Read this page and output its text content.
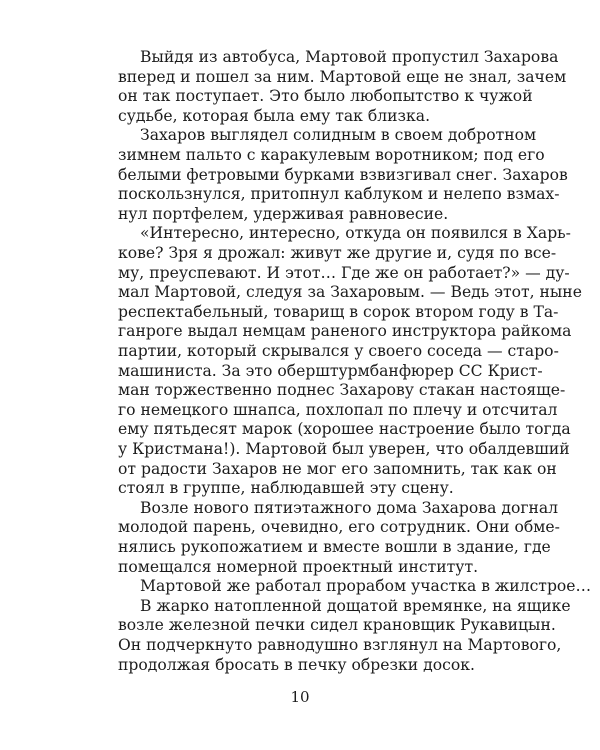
Выйдя из автобуса, Мартовой пропустил Захарова
вперед и пошел за ним. Мартовой еще не знал, зачем
он так поступает. Это было любопытство к чужой
судьбе, которая была ему так близка.
Захаров выглядел солидным в своем добротном
зимнем пальто с каракулевым воротником; под его
белыми фетровыми бурками взвизгивал снег. Захаров
поскользнулся, притопнул каблуком и нелепо взмах-
нул портфелем, удерживая равновесие.
«Интересно, интересно, откуда он появился в Харь-
кове? Зря я дрожал: живут же другие и, судя по все-
му, преуспевают. И этот… Где же он работает?» — ду-
мал Мартовой, следуя за Захаровым. — Ведь этот, ныне
респектабельный, товарищ в сорок втором году в Та-
ганроге выдал немцам раненого инструктора райкома
партии, который скрывался у своего соседа — старо-
машиниста. За это оберштурмбанфюрер СС Крист-
ман торжественно поднес Захарову стакан настояще-
го немецкого шнапса, похлопал по плечу и отсчитал
ему пятьдесят марок (хорошее настроение было тогда
у Кристмана!). Мартовой был уверен, что обалдевший
от радости Захаров не мог его запомнить, так как он
стоял в группе, наблюдавшей эту сцену.
Возле нового пятиэтажного дома Захарова догнал
молодой парень, очевидно, его сотрудник. Они обме-
нялись рукопожатием и вместе вошли в здание, где
помещался номерной проектный институт.
Мартовой же работал прорабом участка в жилстрое…
В жарко натопленной дощатой времянке, на ящике
возле железной печки сидел крановщик Рукавицын.
Он подчеркнуто равнодушно взглянул на Мартового,
продолжая бросать в печку обрезки досок.
10
